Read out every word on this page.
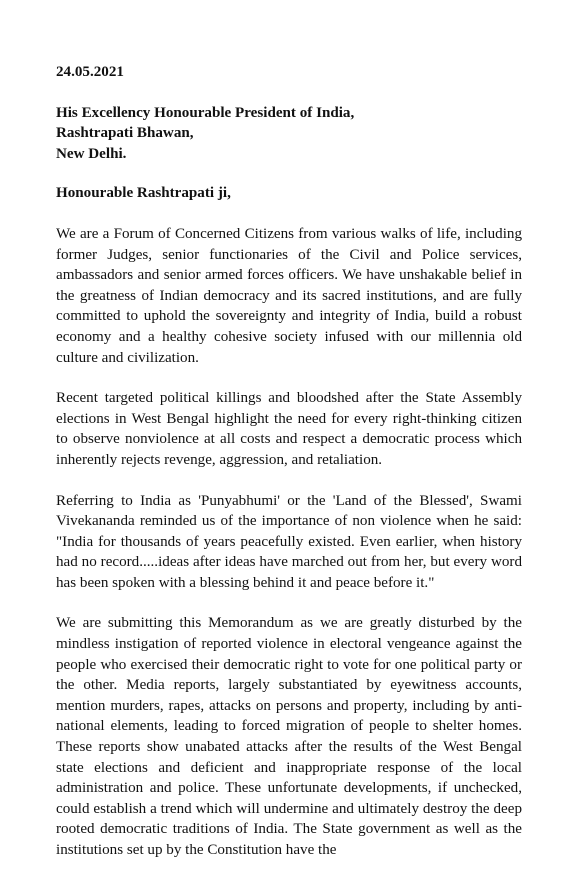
24.05.2021
His Excellency Honourable President of India,
Rashtrapati Bhawan,
New Delhi.
Honourable Rashtrapati ji,

We are a Forum of Concerned Citizens from various walks of life, including former Judges, senior functionaries of the Civil and Police services, ambassadors and senior armed forces officers. We have unshakable belief in the greatness of Indian democracy and its sacred institutions, and are fully committed to uphold the sovereignty and integrity of India, build a robust economy and a healthy cohesive society infused with our millennia old culture and civilization.

Recent targeted political killings and bloodshed after the State Assembly elections in West Bengal highlight the need for every right-thinking citizen to observe nonviolence at all costs and respect a democratic process which inherently rejects revenge, aggression, and retaliation.

Referring to India as 'Punyabhumi' or the 'Land of the Blessed', Swami Vivekananda reminded us of the importance of non violence when he said: "India for thousands of years peacefully existed. Even earlier, when history had no record.....ideas after ideas have marched out from her, but every word has been spoken with a blessing behind it and peace before it."

We are submitting this Memorandum as we are greatly disturbed by the mindless instigation of reported violence in electoral vengeance against the people who exercised their democratic right to vote for one political party or the other. Media reports, largely substantiated by eyewitness accounts, mention murders, rapes, attacks on persons and property, including by anti-national elements, leading to forced migration of people to shelter homes. These reports show unabated attacks after the results of the West Bengal state elections and deficient and inappropriate response of the local administration and police. These unfortunate developments, if unchecked, could establish a trend which will undermine and ultimately destroy the deep rooted democratic traditions of India. The State government as well as the institutions set up by the Constitution have the
